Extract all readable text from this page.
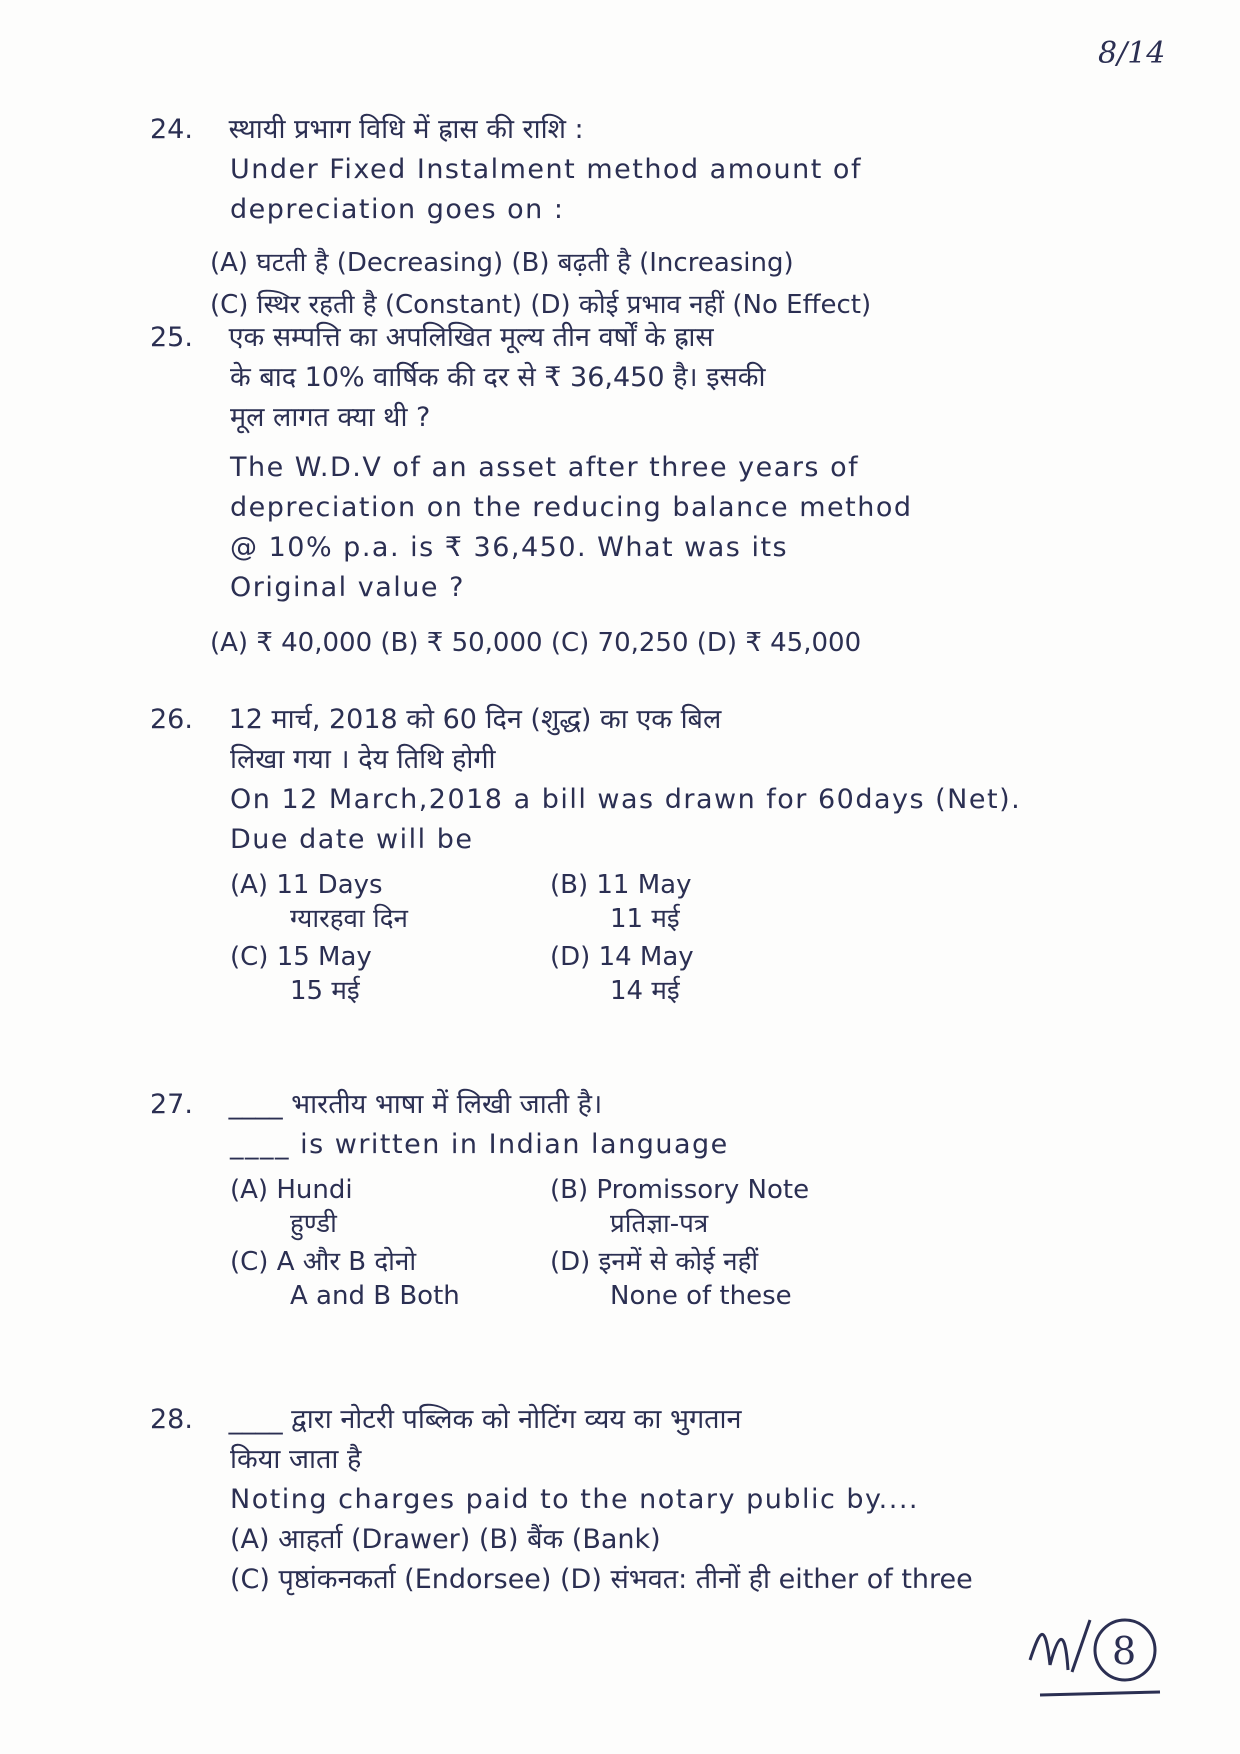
8/14
24. स्थायी प्रभाग विधि में ह्रास की राशि :
Under Fixed Instalment method amount of
depreciation goes on :
(A) घटती है (Decreasing) (B) बढ़ती है (Increasing)
(C) स्थिर रहती है (Constant) (D) कोई प्रभाव नहीं (No Effect)
25. एक सम्पत्ति का अपलिखित मूल्य तीन वर्षों के ह्रास
के बाद 10% वार्षिक की दर से ₹ 36,450 है। इसकी
मूल लागत क्या थी ?
The W.D.V of an asset after three years of
depreciation on the reducing balance method
@ 10% p.a. is ₹ 36,450. What was its
Original value ?
(A) ₹ 40,000 (B) ₹ 50,000 (C) 70,250 (D) ₹ 45,000
26. 12 मार्च, 2018 को 60 दिन (शुद्ध) का एक बिल
लिखा गया । देय तिथि होगी
On 12 March,2018 a bill was drawn for 60days (Net).
Due date will be
(A) 11 Days
ग्यारहवा दिन
(B) 11 May
11 मई
(C) 15 May
15 मई
(D) 14 May
14 मई
27. ____ भारतीय भाषा में लिखी जाती है।
____ is written in Indian language
(A) Hundi
हुण्डी
(B) Promissory Note
प्रतिज्ञा-पत्र
(C) A और B दोनो
A and B Both
(D) इनमें से कोई नहीं
None of these
28. ____ द्वारा नोटरी पब्लिक को नोटिंग व्यय का भुगतान
किया जाता है
Noting charges paid to the notary public by....
(A) आहर्ता (Drawer) (B) बैंक (Bank)
(C) पृष्ठांकनकर्ता (Endorsee) (D) संभवत: तीनों ही either of three
8
